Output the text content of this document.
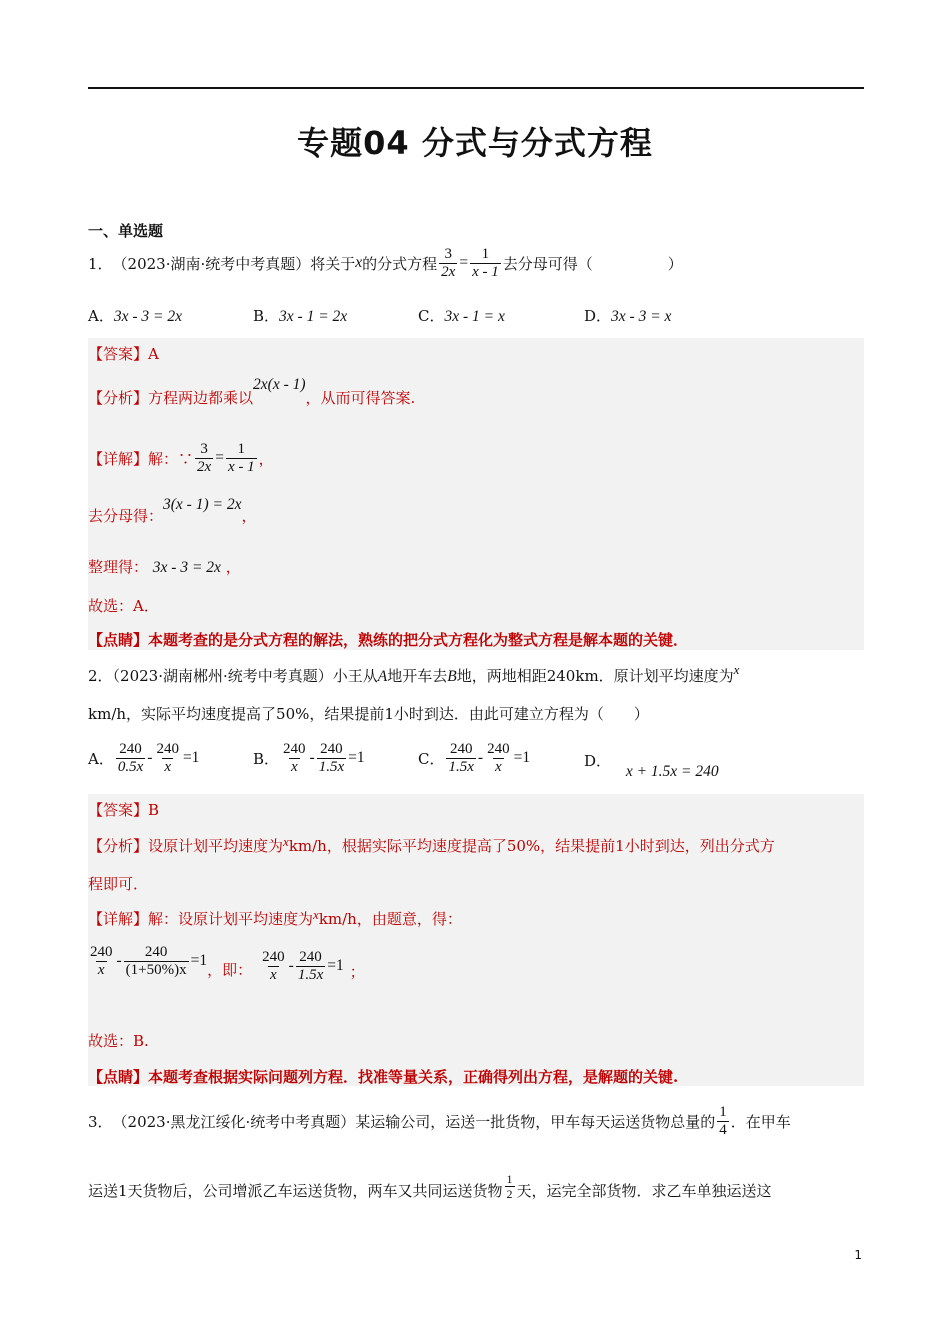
专题04 分式与分式方程
一、单选题
1． （2023·湖南·统考中考真题）将关于 x 的分式方程 $\frac{3}{2x} = \frac{1}{x - 1}$ 去分母可得（　　　　　）
A．3x - 3 = 2x	B．3x - 1 = 2x	C．3x - 1 = x	D．3x - 3 = x
【答案】A
【分析】 方程两边都乘以
2x(x - 1)
，从而可得答案.
【详解】 解：∵ $\frac{3}{2x} = \frac{1}{x - 1}$ ，
去分母得：
3(x - 1) = 2x
，
整理得： 3x - 3 = 2x ，
故选：A．
【点睛】本题考查的是分式方程的解法，熟练的把分式方程化为整式方程是解本题的关键．
2．（2023·湖南郴州·统考中考真题）小王从A地开车去B地，两地相距240km．原计划平均速度为x
km/h，实际平均速度提高了50%，结果提前1小时到达．由此可建立方程为（　　）
A． $\frac{240}{0.5x} - \frac{240}{x} =1$	B． $\frac{240}{x} - \frac{240}{1.5x} =1$	C． $\frac{240}{1.5x} - \frac{240}{x} =1$	D． x + 1.5x = 240
【答案】B
【分析】设原计划平均速度为xkm/h，根据实际平均速度提高了50%，结果提前1小时到达，列出分式方
程即可．
【详解】解：设原计划平均速度为xkm/h，由题意，得：
$\frac{240}{x} - \frac{240}{(1+50\%)x} =1$ ，即： $\frac{240}{x} - \frac{240}{1.5x} =1$ ；
故选：B.
【点睛】本题考查根据实际问题列方程．找准等量关系，正确得列出方程，是解题的关键.
3． （2023·黑龙江绥化·统考中考真题）某运输公司，运送一批货物，甲车每天运送货物总量的 $\frac{1}{4}$ ．在甲车
运送1天货物后，公司增派乙车运送货物，两车又共同运送货物 $\frac{1}{2}$ 天，运完全部货物．求乙车单独运送这
1
